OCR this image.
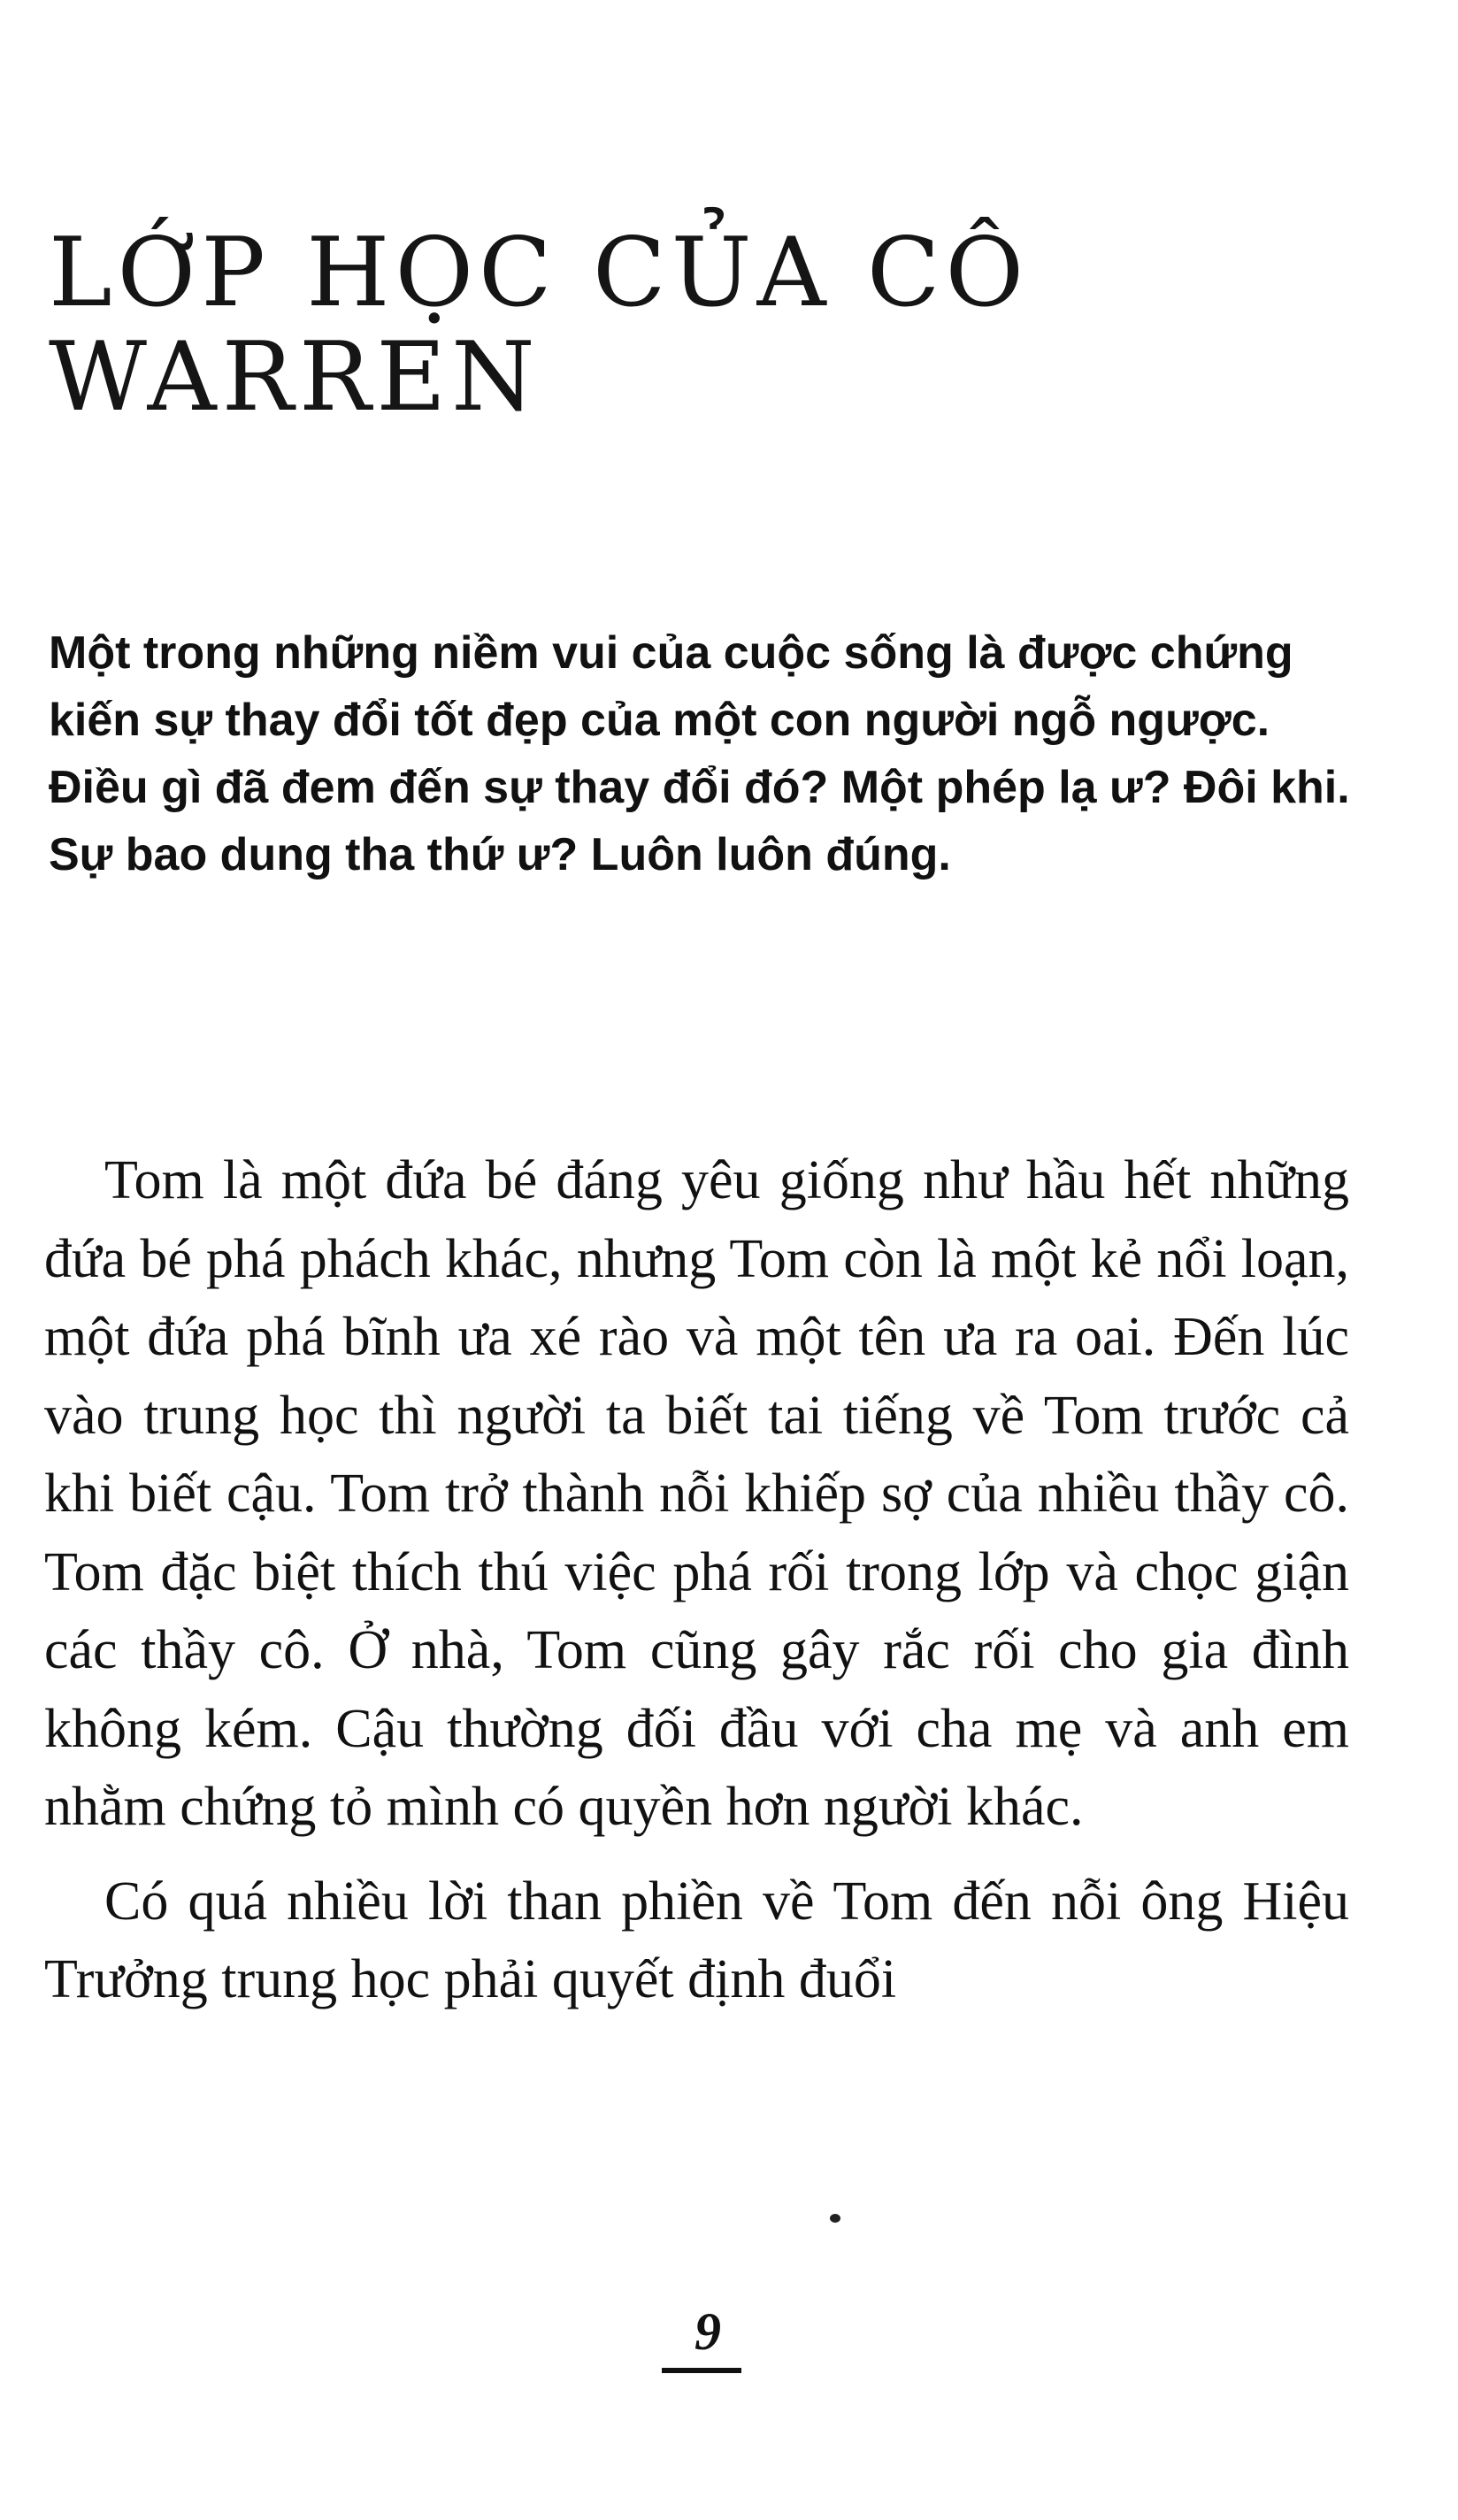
LỚP HỌC CỦA CÔ
WARREN

Một trong những niềm vui của cuộc sống là được chứng kiến sự thay đổi tốt đẹp của một con người ngỗ ngược. Điều gì đã đem đến sự thay đổi đó? Một phép lạ ư? Đôi khi. Sự bao dung tha thứ ư? Luôn luôn đúng.

Tom là một đứa bé đáng yêu giống như hầu hết những đứa bé phá phách khác, nhưng Tom còn là một kẻ nổi loạn, một đứa phá bĩnh ưa xé rào và một tên ưa ra oai. Đến lúc vào trung học thì người ta biết tai tiếng về Tom trước cả khi biết cậu. Tom trở thành nỗi khiếp sợ của nhiều thầy cô. Tom đặc biệt thích thú việc phá rối trong lớp và chọc giận các thầy cô. Ở nhà, Tom cũng gây rắc rối cho gia đình không kém. Cậu thường đối đầu với cha mẹ và anh em nhằm chứng tỏ mình có quyền hơn người khác.

Có quá nhiều lời than phiền về Tom đến nỗi ông Hiệu Trưởng trung học phải quyết định đuổi

9
